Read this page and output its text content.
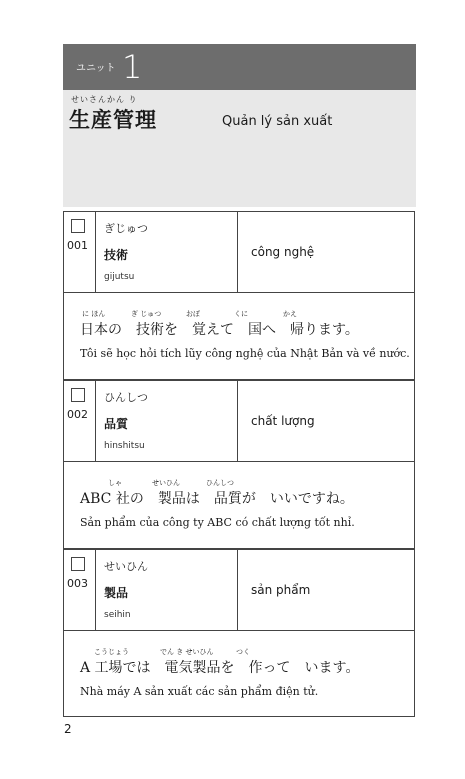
ユニット 1
せいさんかん り
生産管理	Quản lý sản xuất
001
ぎじゅつ
技術
gijutsu
công nghệ
に ほん	ぎ じゅつ	おぼ	くに	かえ
日本の　技術を　覚えて　国へ　帰ります。
Tôi sẽ học hỏi tích lũy công nghệ của Nhật Bản và về nước.
002
ひんしつ
品質
hinshitsu
chất lượng
しゃ	せいひん	ひんしつ
ABC 社の　製品は　品質が　いいですね。
Sản phẩm của công ty ABC có chất lượng tốt nhỉ.
003
せいひん
製品
seihin
sản phẩm
こうじょう	でん き せいひん	つく
A 工場では　電気製品を　作って　います。
Nhà máy A sản xuất các sản phẩm điện tử.
2
